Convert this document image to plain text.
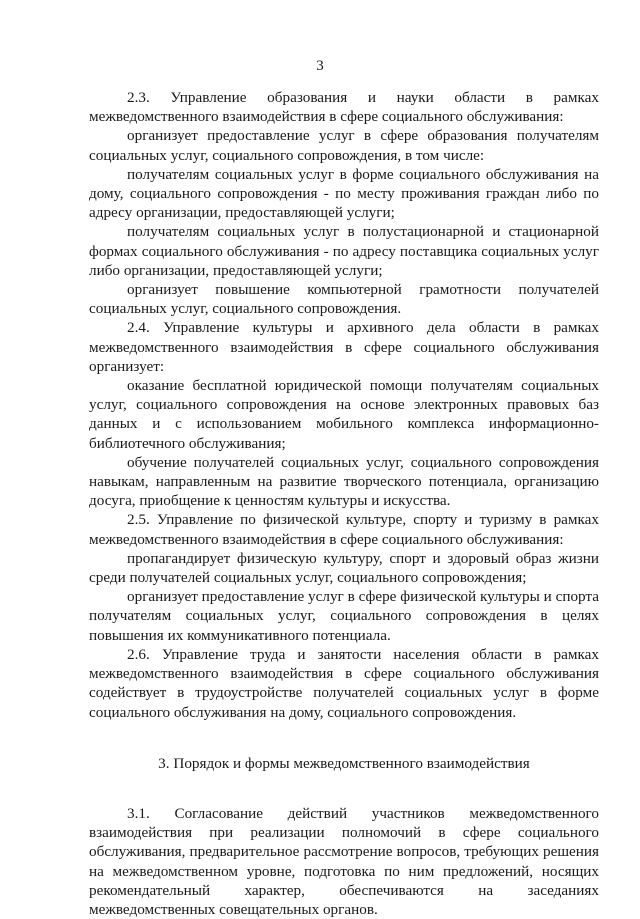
3

2.3. Управление образования и науки области в рамках межведомственного взаимодействия в сфере социального обслуживания:

организует предоставление услуг в сфере образования получателям социальных услуг, социального сопровождения, в том числе:

получателям социальных услуг в форме социального обслуживания на дому, социального сопровождения - по месту проживания граждан либо по адресу организации, предоставляющей услуги;

получателям социальных услуг в полустационарной и стационарной формах социального обслуживания - по адресу поставщика социальных услуг либо организации, предоставляющей услуги;

организует повышение компьютерной грамотности получателей социальных услуг, социального сопровождения.

2.4. Управление культуры и архивного дела области в рамках межведомственного взаимодействия в сфере социального обслуживания организует:

оказание бесплатной юридической помощи получателям социальных услуг, социального сопровождения на основе электронных правовых баз данных и с использованием мобильного комплекса информационно-библиотечного обслуживания;

обучение получателей социальных услуг, социального сопровождения навыкам, направленным на развитие творческого потенциала, организацию досуга, приобщение к ценностям культуры и искусства.

2.5. Управление по физической культуре, спорту и туризму в рамках межведомственного взаимодействия в сфере социального обслуживания:

пропагандирует физическую культуру, спорт и здоровый образ жизни среди получателей социальных услуг, социального сопровождения;

организует предоставление услуг в сфере физической культуры и спорта получателям социальных услуг, социального сопровождения в целях повышения их коммуникативного потенциала.

2.6. Управление труда и занятости населения области в рамках межведомственного взаимодействия в сфере социального обслуживания содействует в трудоустройстве получателей социальных услуг в форме социального обслуживания на дому, социального сопровождения.

3. Порядок и формы межведомственного взаимодействия

3.1. Согласование действий участников межведомственного взаимодействия при реализации полномочий в сфере социального обслуживания, предварительное рассмотрение вопросов, требующих решения на межведомственном уровне, подготовка по ним предложений, носящих рекомендательный характер, обеспечиваются на заседаниях межведомственных совещательных органов.
